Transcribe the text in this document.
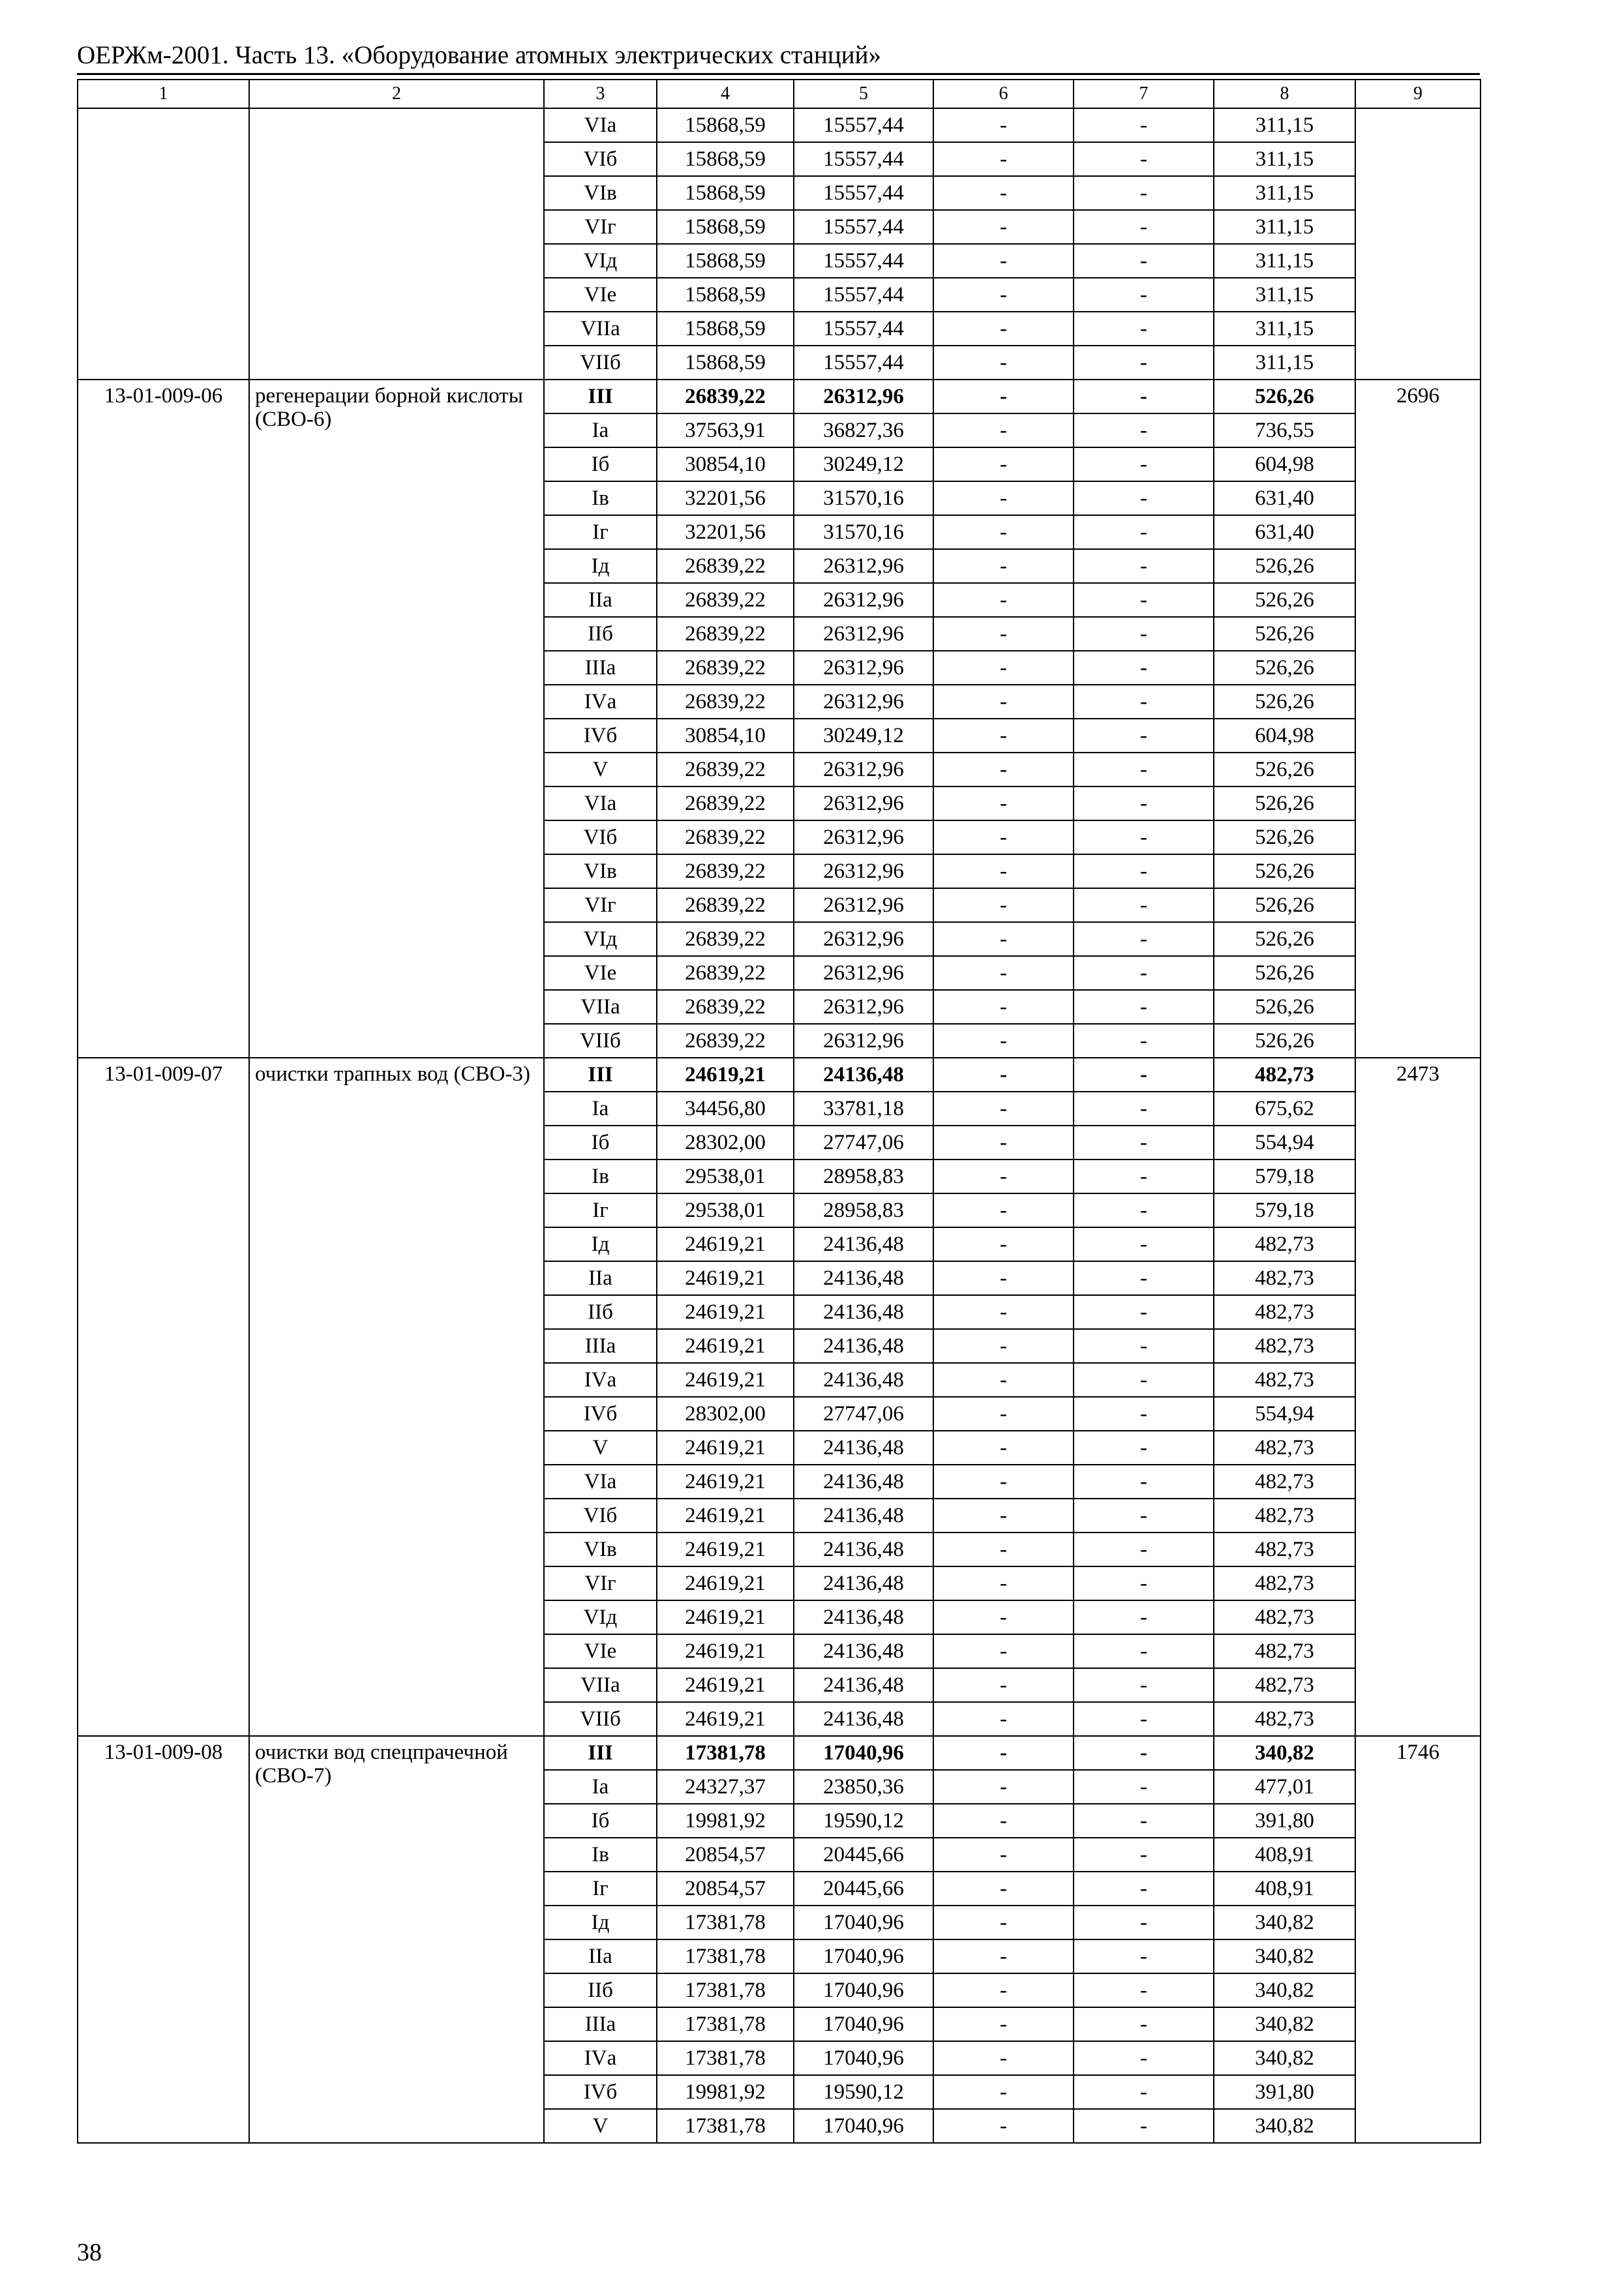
ОЕРЖм-2001. Часть 13. «Оборудование атомных электрических станций»
1	2	3	4	5	6	7	8	9
		VIа	15868,59	15557,44	-	-	311,15	
		VIб	15868,59	15557,44	-	-	311,15	
		VIв	15868,59	15557,44	-	-	311,15	
		VIг	15868,59	15557,44	-	-	311,15	
		VIд	15868,59	15557,44	-	-	311,15	
		VIе	15868,59	15557,44	-	-	311,15	
		VIIа	15868,59	15557,44	-	-	311,15	
		VIIб	15868,59	15557,44	-	-	311,15	
13-01-009-06	регенерации борной кислоты (СВО-6)	III	26839,22	26312,96	-	-	526,26	2696
		Iа	37563,91	36827,36	-	-	736,55	
		Iб	30854,10	30249,12	-	-	604,98	
		Iв	32201,56	31570,16	-	-	631,40	
		Iг	32201,56	31570,16	-	-	631,40	
		Iд	26839,22	26312,96	-	-	526,26	
		IIа	26839,22	26312,96	-	-	526,26	
		IIб	26839,22	26312,96	-	-	526,26	
		IIIа	26839,22	26312,96	-	-	526,26	
		IVа	26839,22	26312,96	-	-	526,26	
		IVб	30854,10	30249,12	-	-	604,98	
		V	26839,22	26312,96	-	-	526,26	
		VIа	26839,22	26312,96	-	-	526,26	
		VIб	26839,22	26312,96	-	-	526,26	
		VIв	26839,22	26312,96	-	-	526,26	
		VIг	26839,22	26312,96	-	-	526,26	
		VIд	26839,22	26312,96	-	-	526,26	
		VIе	26839,22	26312,96	-	-	526,26	
		VIIа	26839,22	26312,96	-	-	526,26	
		VIIб	26839,22	26312,96	-	-	526,26	
13-01-009-07	очистки трапных вод (СВО-3)	III	24619,21	24136,48	-	-	482,73	2473
		Iа	34456,80	33781,18	-	-	675,62	
		Iб	28302,00	27747,06	-	-	554,94	
		Iв	29538,01	28958,83	-	-	579,18	
		Iг	29538,01	28958,83	-	-	579,18	
		Iд	24619,21	24136,48	-	-	482,73	
		IIа	24619,21	24136,48	-	-	482,73	
		IIб	24619,21	24136,48	-	-	482,73	
		IIIа	24619,21	24136,48	-	-	482,73	
		IVа	24619,21	24136,48	-	-	482,73	
		IVб	28302,00	27747,06	-	-	554,94	
		V	24619,21	24136,48	-	-	482,73	
		VIа	24619,21	24136,48	-	-	482,73	
		VIб	24619,21	24136,48	-	-	482,73	
		VIв	24619,21	24136,48	-	-	482,73	
		VIг	24619,21	24136,48	-	-	482,73	
		VIд	24619,21	24136,48	-	-	482,73	
		VIе	24619,21	24136,48	-	-	482,73	
		VIIа	24619,21	24136,48	-	-	482,73	
		VIIб	24619,21	24136,48	-	-	482,73	
13-01-009-08	очистки вод спецпрачечной (СВО-7)	III	17381,78	17040,96	-	-	340,82	1746
		Iа	24327,37	23850,36	-	-	477,01	
		Iб	19981,92	19590,12	-	-	391,80	
		Iв	20854,57	20445,66	-	-	408,91	
		Iг	20854,57	20445,66	-	-	408,91	
		Iд	17381,78	17040,96	-	-	340,82	
		IIа	17381,78	17040,96	-	-	340,82	
		IIб	17381,78	17040,96	-	-	340,82	
		IIIа	17381,78	17040,96	-	-	340,82	
		IVа	17381,78	17040,96	-	-	340,82	
		IVб	19981,92	19590,12	-	-	391,80	
		V	17381,78	17040,96	-	-	340,82	
38
